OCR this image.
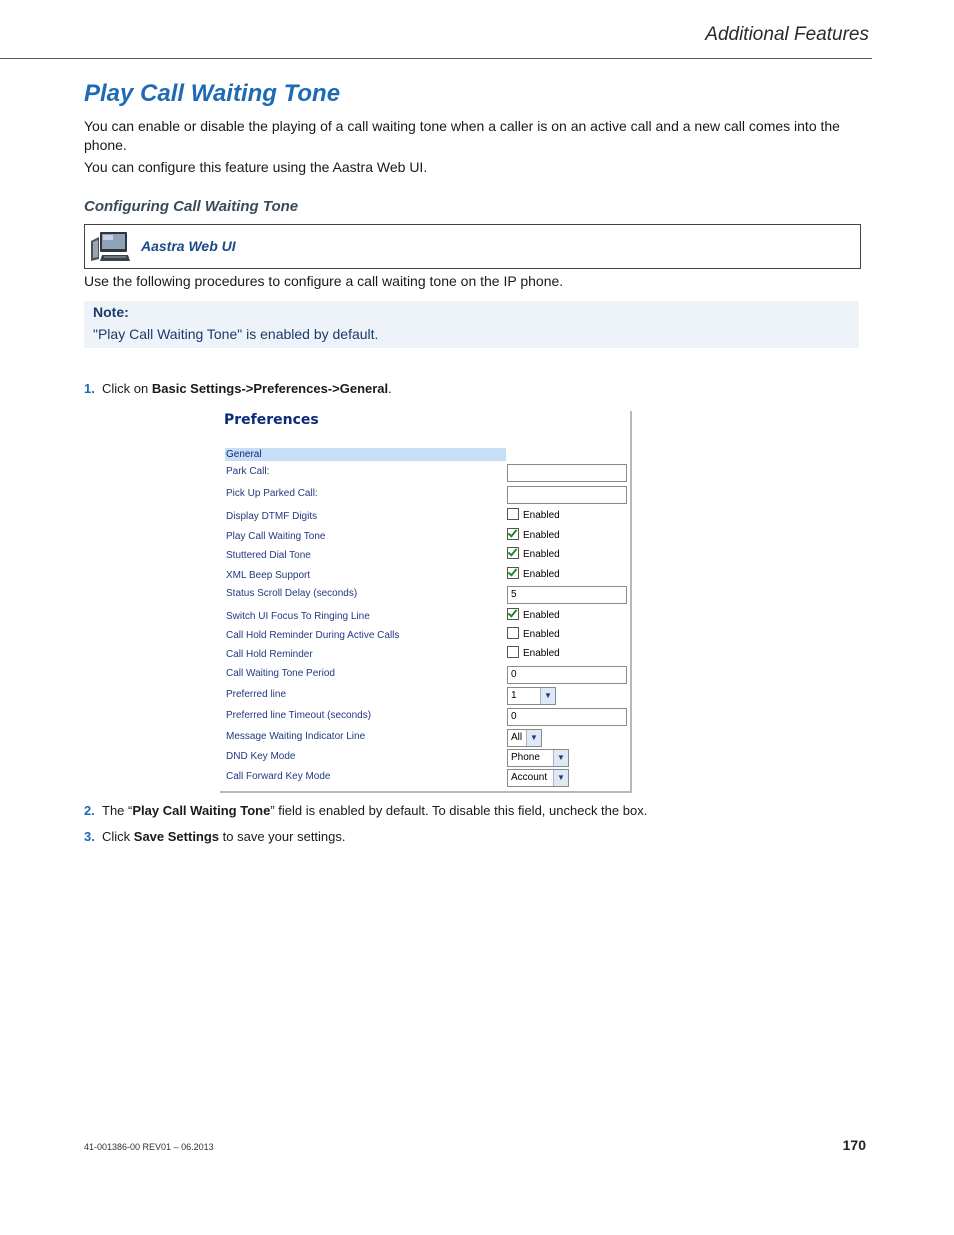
Additional Features
Play Call Waiting Tone

You can enable or disable the playing of a call waiting tone when a caller is on an active call and a new call comes into the phone.

You can configure this feature using the Aastra Web UI.

Configuring Call Waiting Tone
Aastra Web UI

Use the following procedures to configure a call waiting tone on the IP phone.

Note:
"Play Call Waiting Tone" is enabled by default.
1. Click on Basic Settings->Preferences->General.
Preferences
General
Park Call:
Pick Up Parked Call:
Display DTMF Digits	Enabled
Play Call Waiting Tone	Enabled
Stuttered Dial Tone	Enabled
XML Beep Support	Enabled
Status Scroll Delay (seconds)	5
Switch UI Focus To Ringing Line	Enabled
Call Hold Reminder During Active Calls	Enabled
Call Hold Reminder	Enabled
Call Waiting Tone Period	0
Preferred line	1	▼
Preferred line Timeout (seconds)	0
Message Waiting Indicator Line	All ▼
DND Key Mode	Phone	▼
Call Forward Key Mode	Account	▼
2. The “Play Call Waiting Tone” field is enabled by default. To disable this field, uncheck the box.
3. Click Save Settings to save your settings.
41-001386-00 REV01 – 06.2013	170
